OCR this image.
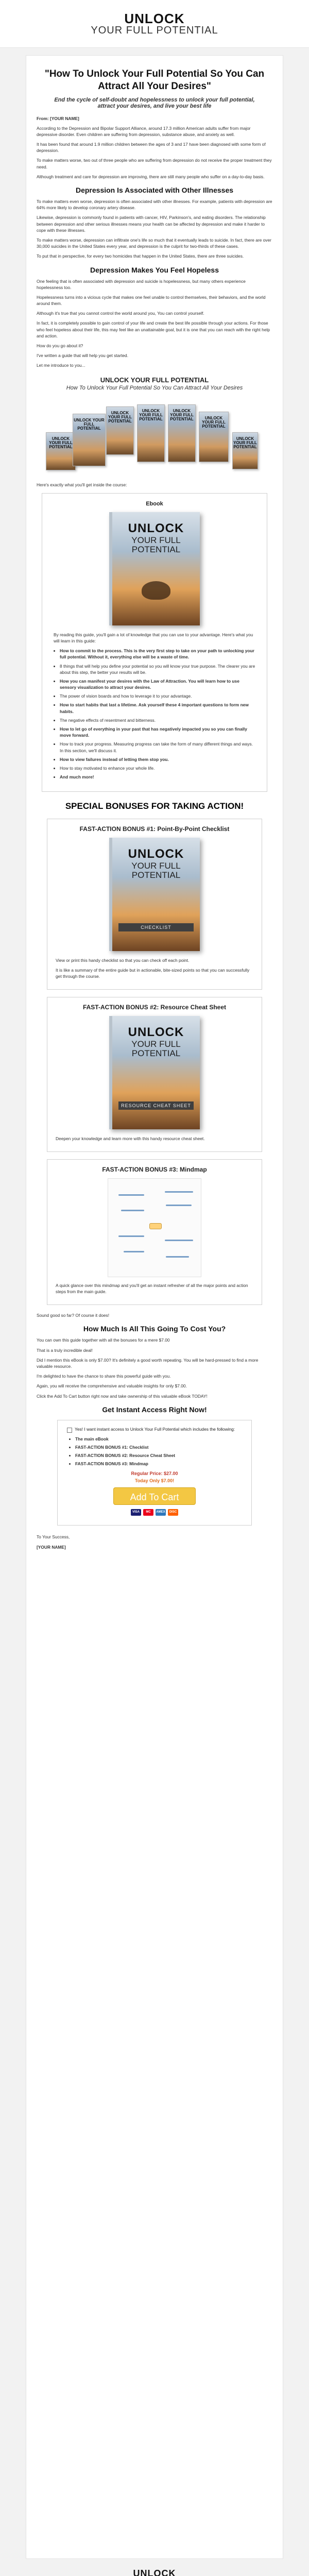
UNLOCK
YOUR FULL POTENTIAL
"How To Unlock Your Full Potential So You Can Attract All Your Desires"
End the cycle of self-doubt and hopelessness to unlock your full potential, attract your desires, and live your best life

From: [YOUR NAME]

According to the Depression and Bipolar Support Alliance, around 17.3 million American adults suffer from major depressive disorder. Even children are suffering from depression, substance abuse, and anxiety as well.

It has been found that around 1.9 million children between the ages of 3 and 17 have been diagnosed with some form of depression.

To make matters worse, two out of three people who are suffering from depression do not receive the proper treatment they need.

Although treatment and care for depression are improving, there are still many people who suffer on a day-to-day basis.

Depression Is Associated with Other Illnesses

To make matters even worse, depression is often associated with other illnesses. For example, patients with depression are 64% more likely to develop coronary artery disease.

Likewise, depression is commonly found in patients with cancer, HIV, Parkinson's, and eating disorders. The relationship between depression and other serious illnesses means your health can be affected by depression and make it harder to cope with these illnesses.

To make matters worse, depression can infiltrate one's life so much that it eventually leads to suicide. In fact, there are over 30,000 suicides in the United States every year, and depression is the culprit for two-thirds of these cases.

To put that in perspective, for every two homicides that happen in the United States, there are three suicides.

Depression Makes You Feel Hopeless

One feeling that is often associated with depression and suicide is hopelessness, but many others experience hopelessness too.

Hopelessness turns into a vicious cycle that makes one feel unable to control themselves, their behaviors, and the world around them.

Although it's true that you cannot control the world around you, You can control yourself.

In fact, it is completely possible to gain control of your life and create the best life possible through your actions. For those who feel hopeless about their life, this may feel like an unattainable goal, but it is one that you can reach with the right help and action.

How do you go about it?

I've written a guide that will help you get started.

Let me introduce to you...

UNLOCK YOUR FULL POTENTIAL
How To Unlock Your Full Potential So You Can Attract All Your Desires
UNLOCK YOUR FULL POTENTIAL
UNLOCK YOUR FULL POTENTIAL
UNLOCK YOUR FULL POTENTIAL
UNLOCK YOUR FULL POTENTIAL
UNLOCK YOUR FULL POTENTIAL	UNLOCK YOUR FULL POTENTIAL
UNLOCK YOUR FULL POTENTIAL

Here's exactly what you'll get inside the course:

Ebook
UNLOCK
YOUR FULL POTENTIAL

By reading this guide, you'll gain a lot of knowledge that you can use to your advantage. Here's what you will learn in this guide:

• How to commit to the process. This is the very first step to take on your path to unlocking your full potential. Without it, everything else will be a waste of time.
• 8 things that will help you define your potential so you will know your true purpose. The clearer you are about this step, the better your results will be.
• How you can manifest your desires with the Law of Attraction. You will learn how to use sensory visualization to attract your desires.
• The power of vision boards and how to leverage it to your advantage.
• How to start habits that last a lifetime. Ask yourself these 4 important questions to form new habits.
• The negative effects of resentment and bitterness.
• How to let go of everything in your past that has negatively impacted you so you can finally move forward.
• How to track your progress. Measuring progress can take the form of many different things and ways. In this section, we'll discuss it.
• How to view failures instead of letting them stop you.
• How to stay motivated to enhance your whole life.
• And much more!
SPECIAL BONUSES FOR TAKING ACTION!
FAST-ACTION BONUS #1: Point-By-Point Checklist
UNLOCK
YOUR FULL POTENTIAL
CHECKLIST

View or print this handy checklist so that you can check off each point.

It is like a summary of the entire guide but in actionable, bite-sized points so that you can successfully get through the course.

FAST-ACTION BONUS #2: Resource Cheat Sheet
UNLOCK
YOUR FULL POTENTIAL
RESOURCE CHEAT SHEET

Deepen your knowledge and learn more with this handy resource cheat sheet.

FAST-ACTION BONUS #3: Mindmap

A quick glance over this mindmap and you'll get an instant refresher of all the major points and action steps from the main guide.

Sound good so far? Of course it does!

How Much Is All This Going To Cost You?

You can own this guide together with all the bonuses for a mere $7.00

That is a truly incredible deal!

Did I mention this eBook is only $7.00? It's definitely a good worth repeating. You will be hard-pressed to find a more valuable resource.

I'm delighted to have the chance to share this powerful guide with you.

Again, you will receive the comprehensive and valuable insights for only $7.00.

Click the Add To Cart button right now and take ownership of this valuable eBook TODAY!

Get Instant Access Right Now!
Yes! I want instant access to Unlock Your Full Potential which includes the following:
• The main eBook
• FAST-ACTION BONUS #1: Checklist
• FAST-ACTION BONUS #2: Resource Cheat Sheet
• FAST-ACTION BONUS #3: Mindmap
Regular Price: $27.00
Today Only $7.00!
Add To Cart
VISA	MC	AMEX	DISC

To Your Success,

[YOUR NAME]

UNLOCK
